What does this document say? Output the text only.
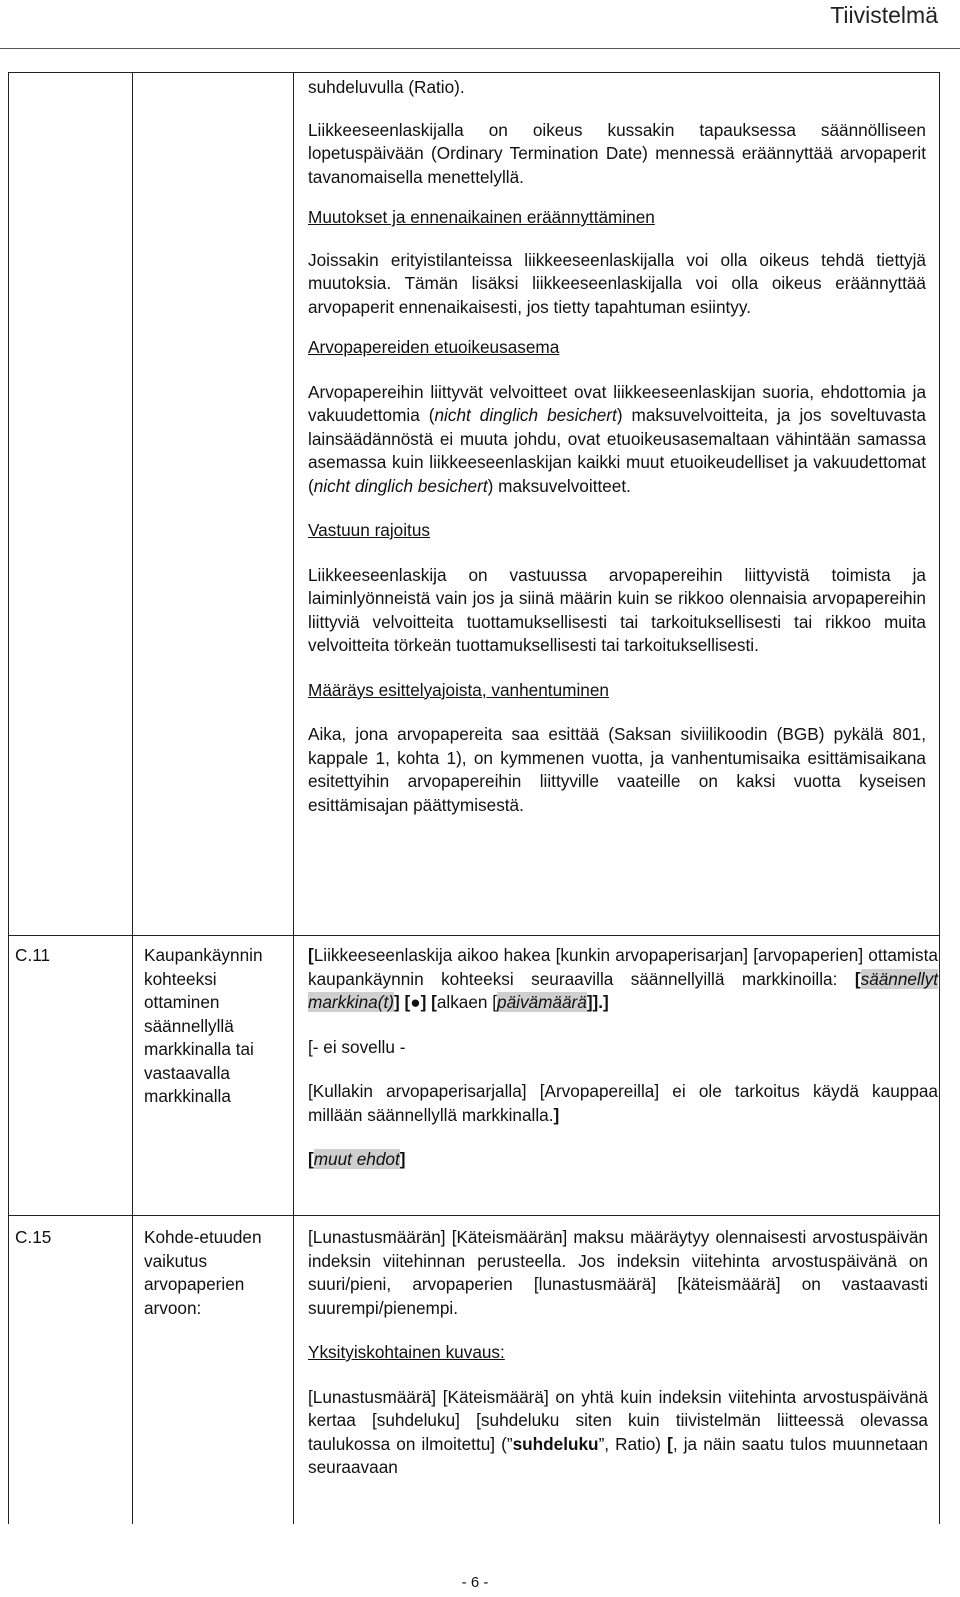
Tiivistelmä

suhdeluvulla (Ratio).

Liikkeeseenlaskijalla on oikeus kussakin tapauksessa säännölliseen lopetuspäivään (Ordinary Termination Date) mennessä eräännyttää arvopaperit tavanomaisella menettelyllä.

Muutokset ja ennenaikainen eräännyttäminen

Joissakin erityistilanteissa liikkeeseenlaskijalla voi olla oikeus tehdä tiettyjä muutoksia. Tämän lisäksi liikkeeseenlaskijalla voi olla oikeus eräännyttää arvopaperit ennenaikaisesti, jos tietty tapahtuman esiintyy.

Arvopapereiden etuoikeusasema

Arvopapereihin liittyvät velvoitteet ovat liikkeeseenlaskijan suoria, ehdottomia ja vakuudettomia (nicht dinglich besichert) maksuvelvoitteita, ja jos soveltuvasta lainsäädännöstä ei muuta johdu, ovat etuoikeusasemaltaan vähintään samassa asemassa kuin liikkeeseenlaskijan kaikki muut etuoikeudelliset ja vakuudettomat (nicht dinglich besichert) maksuvelvoitteet.

Vastuun rajoitus

Liikkeeseenlaskija on vastuussa arvopapereihin liittyvistä toimista ja laiminlyönneistä vain jos ja siinä määrin kuin se rikkoo olennaisia arvopapereihin liittyviä velvoitteita tuottamuksellisesti tai tarkoituksellisesti tai rikkoo muita velvoitteita törkeän tuottamuksellisesti tai tarkoituksellisesti.

Määräys esittelyajoista, vanhentuminen

Aika, jona arvopapereita saa esittää (Saksan siviilikoodin (BGB) pykälä 801, kappale 1, kohta 1), on kymmenen vuotta, ja vanhentumisaika esittämisaikana esitettyihin arvopapereihin liittyville vaateille on kaksi vuotta kyseisen esittämisajan päättymisestä.

C.11	Kaupankäynnin kohteeksi ottaminen säännellyllä markkinalla tai vastaavalla markkinalla

[Liikkeeseenlaskija aikoo hakea [kunkin arvopaperisarjan] [arvopaperien] ottamista kaupankäynnin kohteeksi seuraavilla säännellyillä markkinoilla: [säännellyt markkina(t)] [●] [alkaen [päivämäärä]].]

[- ei sovellu -

[Kullakin arvopaperisarjalla] [Arvopapereilla] ei ole tarkoitus käydä kauppaa millään säännellyllä markkinalla.]

[muut ehdot]

C.15	Kohde-etuuden vaikutus arvopaperien arvoon:

[Lunastusmäärän] [Käteismäärän] maksu määräytyy olennaisesti arvostuspäivän indeksin viitehinnan perusteella. Jos indeksin viitehinta arvostuspäivänä on suuri/pieni, arvopaperien [lunastusmäärä] [käteismäärä] on vastaavasti suurempi/pienempi.

Yksityiskohtainen kuvaus:

[Lunastusmäärä] [Käteismäärä] on yhtä kuin indeksin viitehinta arvostuspäivänä kertaa [suhdeluku] [suhdeluku siten kuin tiivistelmän liitteessä olevassa taulukossa on ilmoitettu] (”suhdeluku”, Ratio) [, ja näin saatu tulos muunnetaan seuraavaan

- 6 -
